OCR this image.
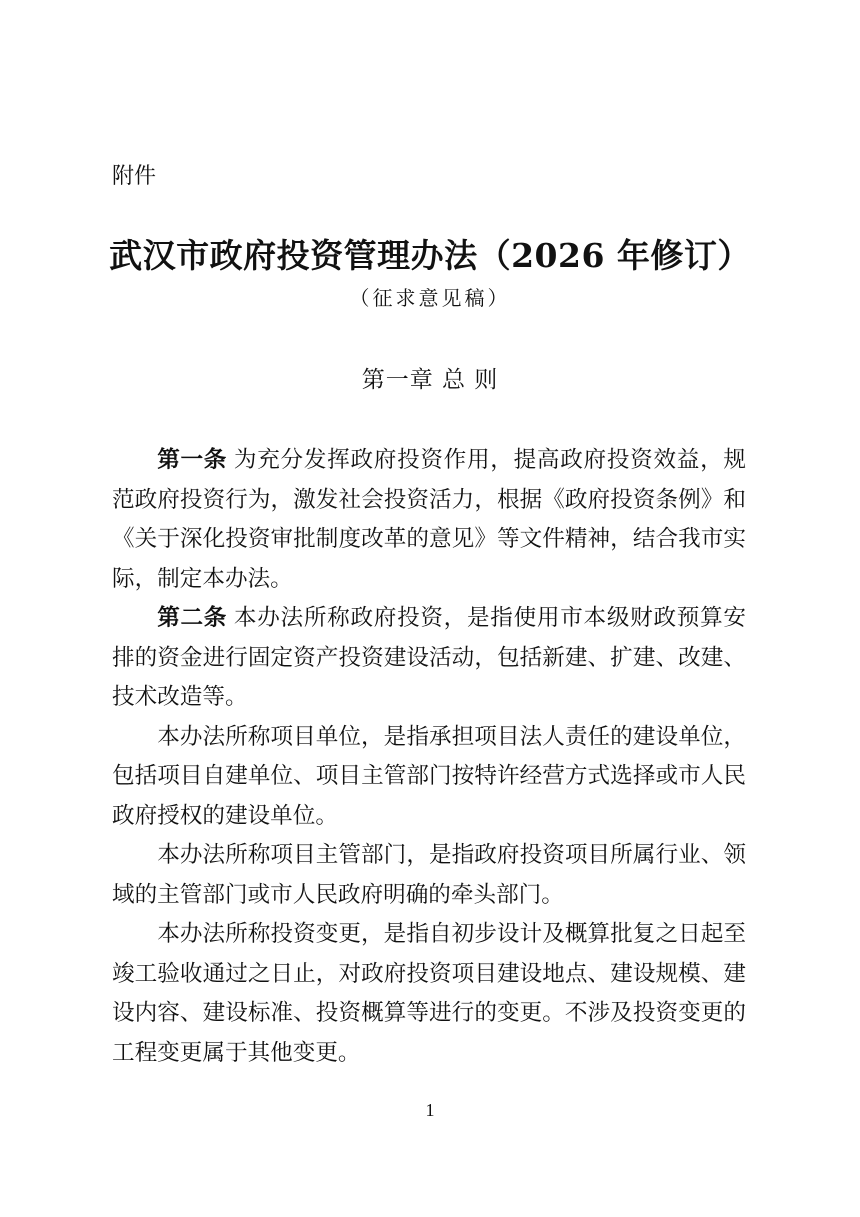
附件
武汉市政府投资管理办法（2026 年修订）
（征求意见稿）
第一章 总 则

第一条 为充分发挥政府投资作用，提高政府投资效益，规范政府投资行为，激发社会投资活力，根据《政府投资条例》和《关于深化投资审批制度改革的意见》等文件精神，结合我市实际，制定本办法。

第二条 本办法所称政府投资，是指使用市本级财政预算安排的资金进行固定资产投资建设活动，包括新建、扩建、改建、技术改造等。

本办法所称项目单位，是指承担项目法人责任的建设单位，包括项目自建单位、项目主管部门按特许经营方式选择或市人民政府授权的建设单位。

本办法所称项目主管部门，是指政府投资项目所属行业、领域的主管部门或市人民政府明确的牵头部门。

本办法所称投资变更，是指自初步设计及概算批复之日起至竣工验收通过之日止，对政府投资项目建设地点、建设规模、建设内容、建设标准、投资概算等进行的变更。不涉及投资变更的工程变更属于其他变更。

1
